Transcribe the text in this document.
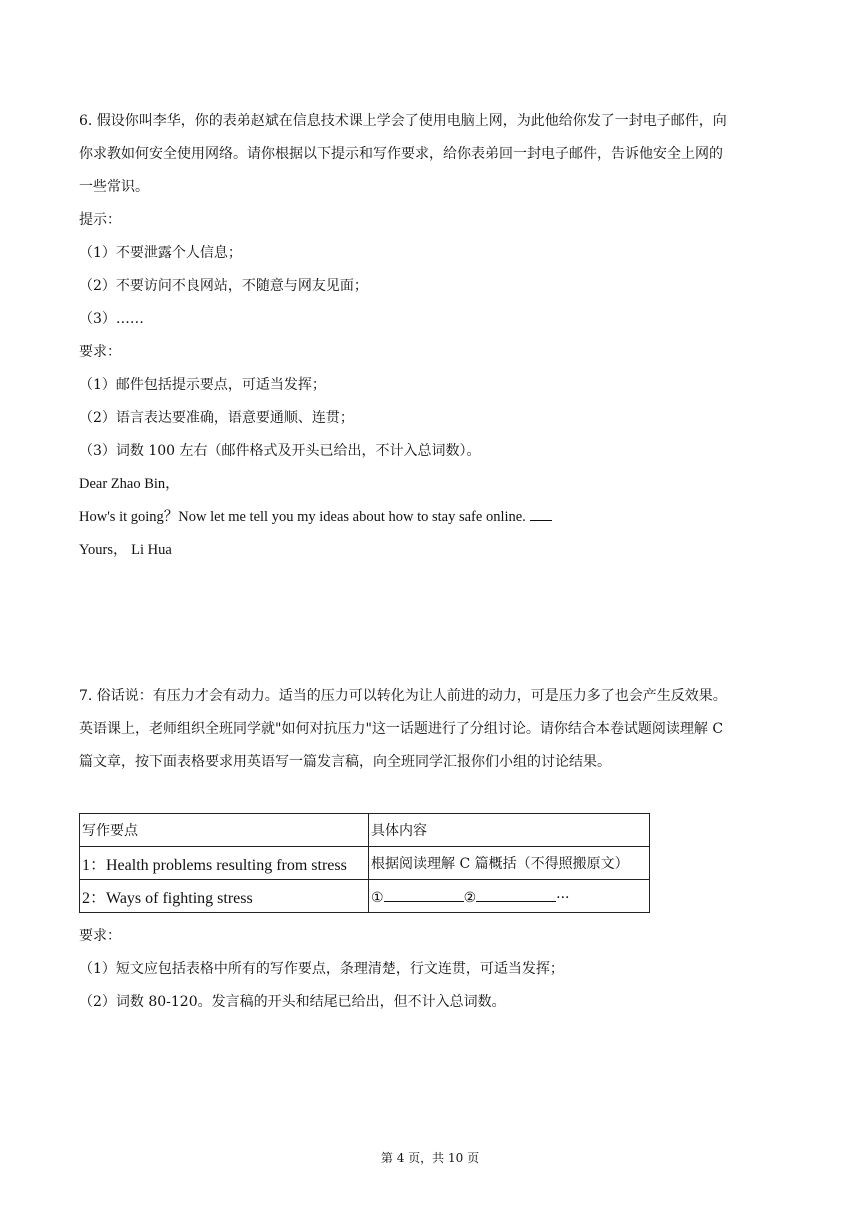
6. 假设你叫李华，你的表弟赵斌在信息技术课上学会了使用电脑上网，为此他给你发了一封电子邮件，向
你求教如何安全使用网络。请你根据以下提示和写作要求，给你表弟回一封电子邮件，告诉他安全上网的
一些常识。
提示：
（1）不要泄露个人信息；
（2）不要访问不良网站，不随意与网友见面；
（3）……
要求：
（1）邮件包括提示要点，可适当发挥；
（2）语言表达要准确，语意要通顺、连贯；
（3）词数 100 左右（邮件格式及开头已给出，不计入总词数）。
Dear Zhao Bin，
How's it going？Now let me tell you my ideas about how to stay safe online.
Yours， Li Hua
7. 俗话说：有压力才会有动力。适当的压力可以转化为让人前进的动力，可是压力多了也会产生反效果。
英语课上，老师组织全班同学就"如何对抗压力"这一话题进行了分组讨论。请你结合本卷试题阅读理解 C
篇文章，按下面表格要求用英语写一篇发言稿，向全班同学汇报你们小组的讨论结果。
写作要点	具体内容
1：Health problems resulting from stress	根据阅读理解 C 篇概括（不得照搬原文）
2：Ways of fighting stress	① ② ···
要求：
（1）短文应包括表格中所有的写作要点，条理清楚，行文连贯，可适当发挥；
（2）词数 80-120。发言稿的开头和结尾已给出，但不计入总词数。
第 4 页，共 10 页
